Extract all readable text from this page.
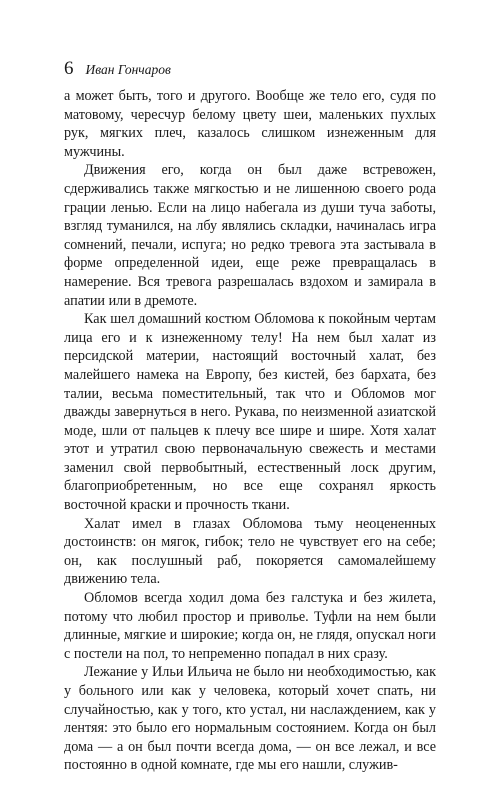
6 Иван Гончаров

а может быть, того и другого. Вообще же тело его, судя по матовому, чересчур белому цвету шеи, маленьких пухлых рук, мягких плеч, казалось слишком изнеженным для мужчины.

Движения его, когда он был даже встревожен, сдерживались также мягкостью и не лишенною своего рода грации ленью. Если на лицо набегала из души туча заботы, взгляд туманился, на лбу являлись складки, начиналась игра сомнений, печали, испуга; но редко тревога эта застывала в форме определенной идеи, еще реже превращалась в намерение. Вся тревога разрешалась вздохом и замирала в апатии или в дремоте.

Как шел домашний костюм Обломова к покойным чертам лица его и к изнеженному телу! На нем был халат из персидской материи, настоящий восточный халат, без малейшего намека на Европу, без кистей, без бархата, без талии, весьма поместительный, так что и Обломов мог дважды завернуться в него. Рукава, по неизменной азиатской моде, шли от пальцев к плечу все шире и шире. Хотя халат этот и утратил свою первоначальную свежесть и местами заменил свой первобытный, естественный лоск другим, благоприобретенным, но все еще сохранял яркость восточной краски и прочность ткани.

Халат имел в глазах Обломова тьму неоцененных достоинств: он мягок, гибок; тело не чувствует его на себе; он, как послушный раб, покоряется самомалейшему движению тела.

Обломов всегда ходил дома без галстука и без жилета, потому что любил простор и приволье. Туфли на нем были длинные, мягкие и широкие; когда он, не глядя, опускал ноги с постели на пол, то непременно попадал в них сразу.

Лежание у Ильи Ильича не было ни необходимостью, как у больного или как у человека, который хочет спать, ни случайностью, как у того, кто устал, ни наслаждением, как у лентяя: это было его нормальным состоянием. Когда он был дома — а он был почти всегда дома, — он все лежал, и все постоянно в одной комнате, где мы его нашли, служив-
